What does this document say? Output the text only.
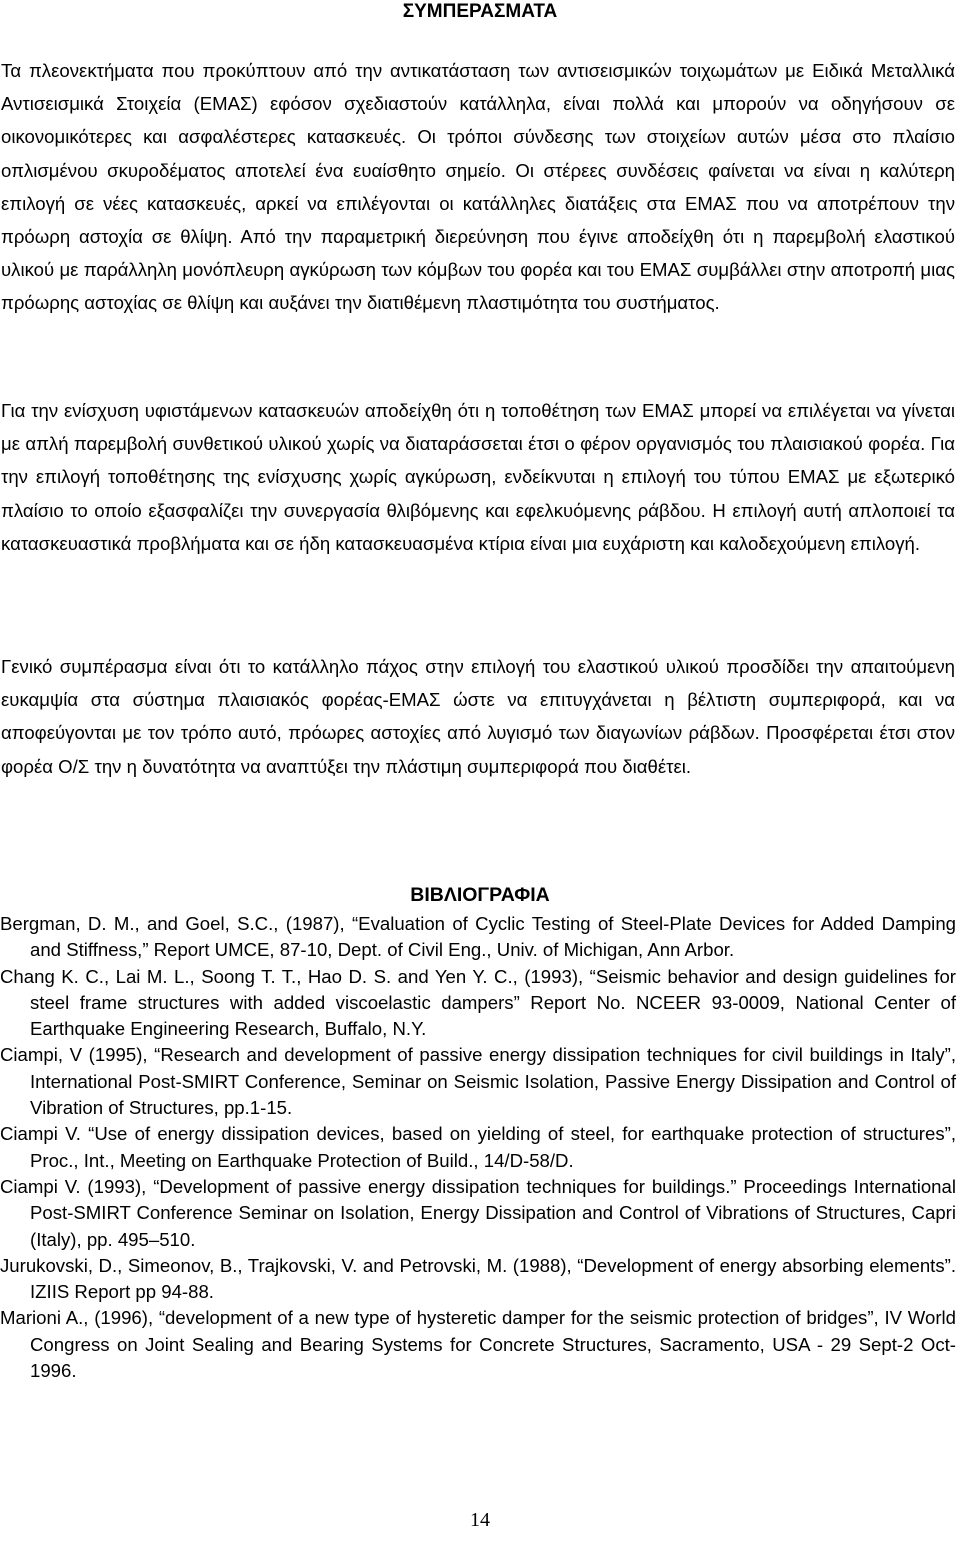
ΣΥΜΠΕΡΑΣΜΑΤΑ
Τα πλεονεκτήματα που προκύπτουν από την αντικατάσταση των αντισεισμικών τοιχωμάτων με Ειδικά Μεταλλικά Αντισεισμικά Στοιχεία (ΕΜΑΣ) εφόσον σχεδιαστούν κατάλληλα, είναι πολλά και μπορούν να οδηγήσουν σε οικονομικότερες και ασφαλέστερες κατασκευές. Οι τρόποι σύνδεσης των στοιχείων αυτών μέσα στο πλαίσιο οπλισμένου σκυροδέματος αποτελεί ένα ευαίσθητο σημείο. Οι στέρεες συνδέσεις φαίνεται να είναι η καλύτερη επιλογή σε νέες κατασκευές, αρκεί να επιλέγονται οι κατάλληλες διατάξεις στα ΕΜΑΣ που να αποτρέπουν την πρόωρη αστοχία σε θλίψη. Από την παραμετρική διερεύνηση που έγινε αποδείχθη ότι η παρεμβολή ελαστικού υλικού με παράλληλη μονόπλευρη αγκύρωση των κόμβων του φορέα και του ΕΜΑΣ συμβάλλει στην αποτροπή μιας πρόωρης αστοχίας σε θλίψη και αυξάνει την διατιθέμενη πλαστιμότητα του συστήματος.
Για την ενίσχυση υφιστάμενων κατασκευών αποδείχθη ότι η τοποθέτηση των ΕΜΑΣ μπορεί να επιλέγεται να γίνεται με απλή παρεμβολή συνθετικού υλικού χωρίς να διαταράσσεται έτσι ο φέρον οργανισμός του πλαισιακού φορέα. Για την επιλογή τοποθέτησης της ενίσχυσης χωρίς αγκύρωση, ενδείκνυται η επιλογή του τύπου ΕΜΑΣ με εξωτερικό πλαίσιο το οποίο εξασφαλίζει την συνεργασία θλιβόμενης και εφελκυόμενης ράβδου. Η επιλογή αυτή απλοποιεί τα κατασκευαστικά προβλήματα και σε ήδη κατασκευασμένα κτίρια είναι μια ευχάριστη και καλοδεχούμενη επιλογή.
Γενικό συμπέρασμα είναι ότι το κατάλληλο πάχος στην επιλογή του ελαστικού υλικού προσδίδει την απαιτούμενη ευκαμψία στα σύστημα πλαισιακός φορέας-ΕΜΑΣ ώστε να επιτυγχάνεται η βέλτιστη συμπεριφορά, και να αποφεύγονται με τον τρόπο αυτό, πρόωρες αστοχίες από λυγισμό των διαγωνίων ράβδων. Προσφέρεται έτσι στον φορέα Ο/Σ την η δυνατότητα να αναπτύξει την πλάστιμη συμπεριφορά που διαθέτει.
ΒΙΒΛΙΟΓΡΑΦΙΑ
Bergman, D. M., and Goel, S.C., (1987), “Evaluation of Cyclic Testing of Steel-Plate Devices for Added Damping and Stiffness,” Report UMCE, 87-10, Dept. of Civil Eng., Univ. of Michigan, Ann Arbor.
Chang K. C., Lai M. L., Soong T. T., Hao D. S. and Yen Y. C., (1993), “Seismic behavior and design guidelines for steel frame structures with added viscoelastic dampers” Report No. NCEER 93-0009, National Center of Earthquake Engineering Research, Buffalo, N.Y.
Ciampi, V (1995), “Research and development of passive energy dissipation techniques for civil buildings in Italy”, International Post-SMIRT Conference, Seminar on Seismic Isolation, Passive Energy Dissipation and Control of Vibration of Structures, pp.1-15.
Ciampi V. “Use of energy dissipation devices, based on yielding of steel, for earthquake protection of structures”, Proc., Int., Meeting on Earthquake Protection of Build., 14/D-58/D.
Ciampi V. (1993), “Development of passive energy dissipation techniques for buildings.” Proceedings International Post-SMIRT Conference Seminar on Isolation, Energy Dissipation and Control of Vibrations of Structures, Capri (Italy), pp. 495–510.
Jurukovski, D., Simeonov, B., Trajkovski, V. and Petrovski, M. (1988), “Development of energy absorbing elements”. IZIIS Report pp 94-88.
Marioni A., (1996), “development of a new type of hysteretic damper for the seismic protection of bridges”, IV World Congress on Joint Sealing and Bearing Systems for Concrete Structures, Sacramento, USA - 29 Sept-2 Oct-1996.
14
